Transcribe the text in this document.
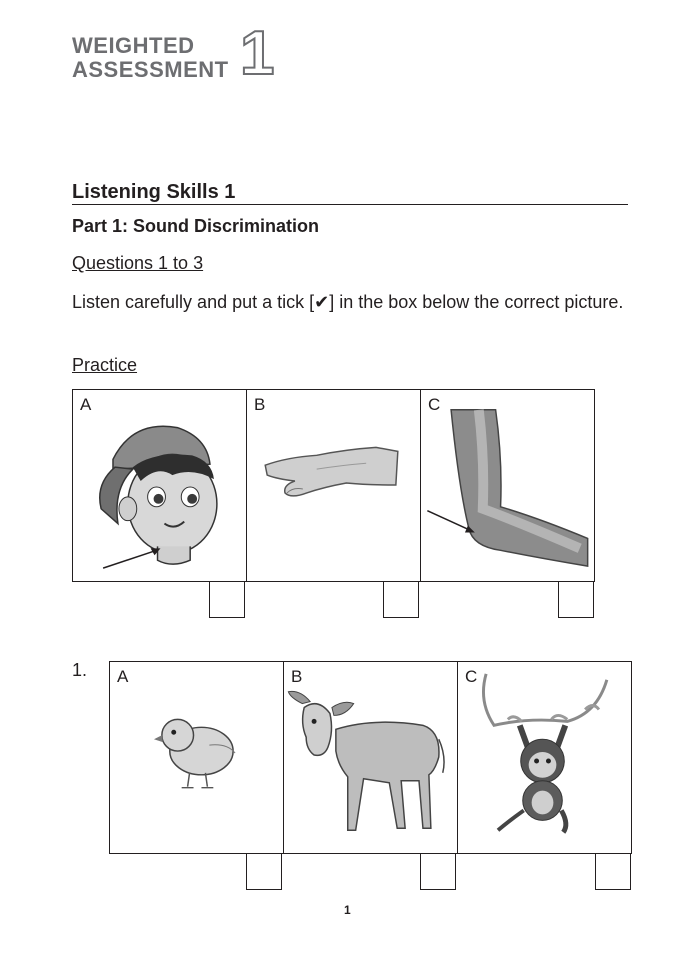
WEIGHTED
ASSESSMENT 1
Listening Skills 1
Part 1: Sound Discrimination
Questions 1 to 3
Listen carefully and put a tick [✔] in the box below the correct picture.
Practice
A	B	C
1. A	B	C
1
